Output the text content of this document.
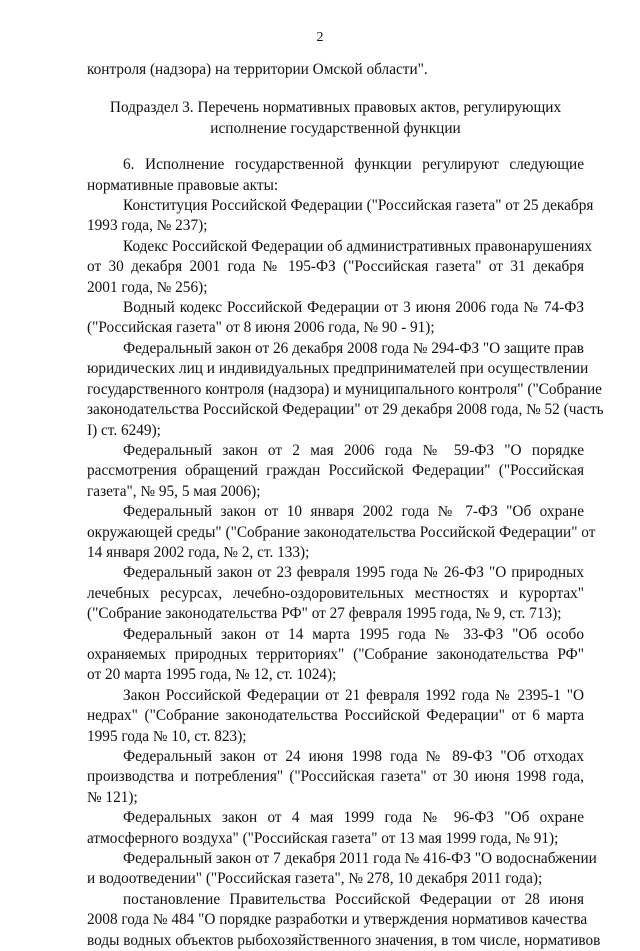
2
контроля (надзора) на территории Омской области".
Подраздел 3. Перечень нормативных правовых актов, регулирующих
исполнение государственной функции
6. Исполнение государственной функции регулируют следующие
нормативные правовые акты:
Конституция Российской Федерации ("Российская газета" от 25 декабря
1993 года, № 237);
Кодекс Российской Федерации об административных правонарушениях
от 30 декабря 2001 года № 195-ФЗ ("Российская газета" от 31 декабря
2001 года, № 256);
Водный кодекс Российской Федерации от 3 июня 2006 года № 74-ФЗ
("Российская газета" от 8 июня 2006 года, № 90 - 91);
Федеральный закон от 26 декабря 2008 года № 294-ФЗ "О защите прав
юридических лиц и индивидуальных предпринимателей при осуществлении
государственного контроля (надзора) и муниципального контроля" ("Собрание
законодательства Российской Федерации" от 29 декабря 2008 года, № 52 (часть
I) ст. 6249);
Федеральный закон от 2 мая 2006 года № 59-ФЗ "О порядке
рассмотрения обращений граждан Российской Федерации" ("Российская
газета", № 95, 5 мая 2006);
Федеральный закон от 10 января 2002 года № 7-ФЗ "Об охране
окружающей среды" ("Собрание законодательства Российской Федерации" от
14 января 2002 года, № 2, ст. 133);
Федеральный закон от 23 февраля 1995 года № 26-ФЗ "О природных
лечебных ресурсах, лечебно-оздоровительных местностях и курортах"
("Собрание законодательства РФ" от 27 февраля 1995 года, № 9, ст. 713);
Федеральный закон от 14 марта 1995 года № 33-ФЗ "Об особо
охраняемых природных территориях" ("Собрание законодательства РФ"
от 20 марта 1995 года, № 12, ст. 1024);
Закон Российской Федерации от 21 февраля 1992 года № 2395-1 "О
недрах" ("Собрание законодательства Российской Федерации" от 6 марта
1995 года № 10, ст. 823);
Федеральный закон от 24 июня 1998 года № 89-ФЗ "Об отходах
производства и потребления" ("Российская газета" от 30 июня 1998 года,
№ 121);
Федеральных закон от 4 мая 1999 года № 96-ФЗ "Об охране
атмосферного воздуха" ("Российская газета" от 13 мая 1999 года, № 91);
Федеральный закон от 7 декабря 2011 года № 416-ФЗ "О водоснабжении
и водоотведении" ("Российская газета", № 278, 10 декабря 2011 года);
постановление Правительства Российской Федерации от 28 июня
2008 года № 484 "О порядке разработки и утверждения нормативов качества
воды водных объектов рыбохозяйственного значения, в том числе, нормативов
